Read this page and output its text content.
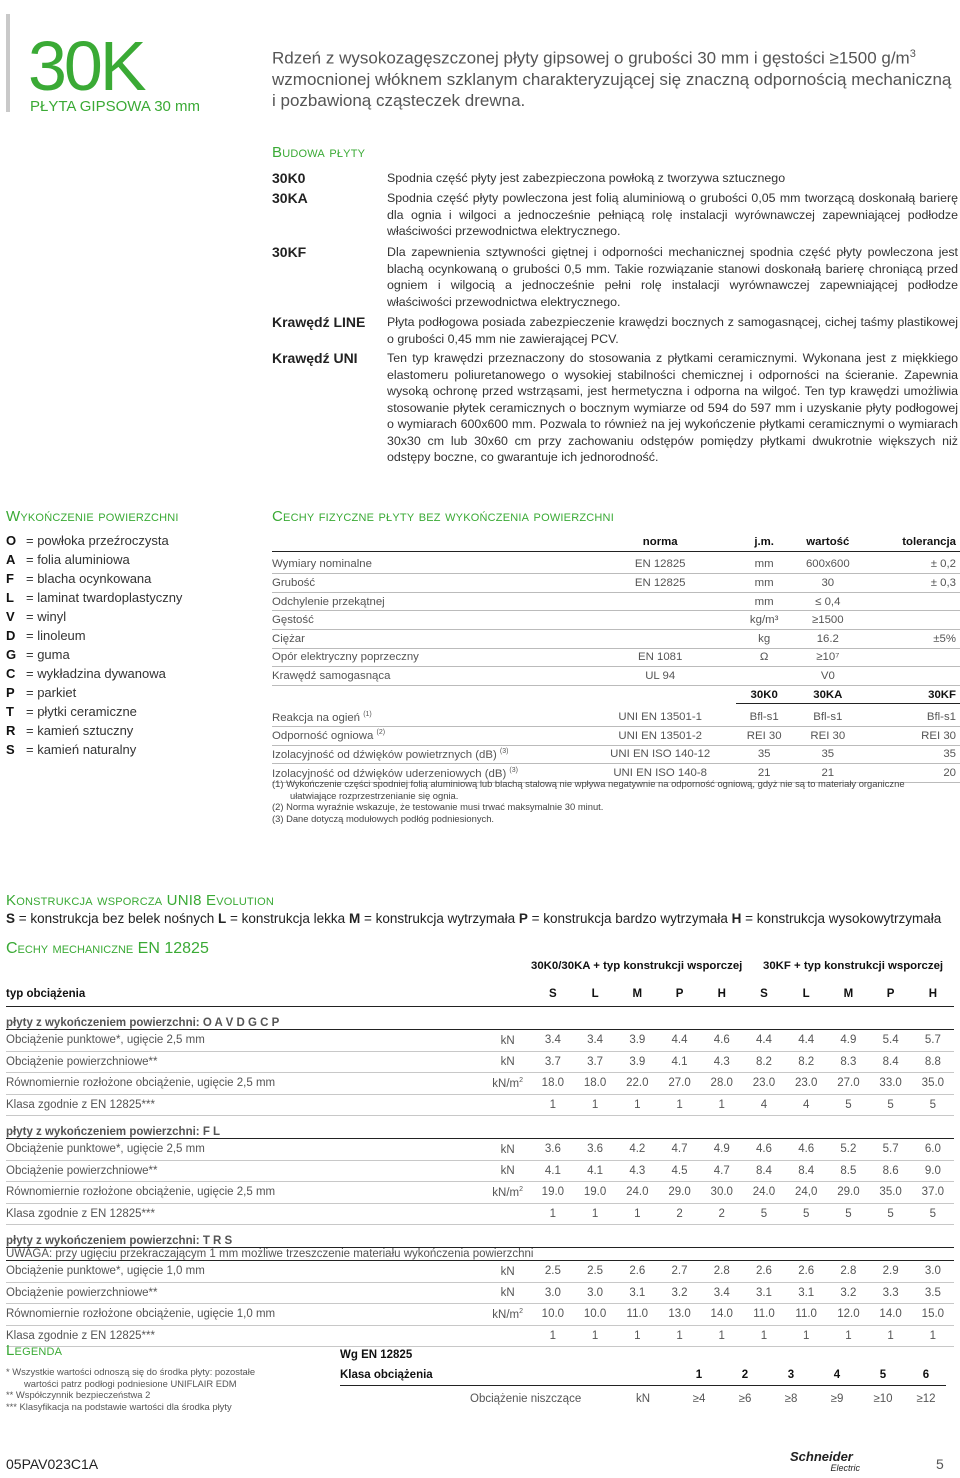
30K
PŁYTA GIPSOWA 30 mm
Rdzeń z wysokozagęszczonej płyty gipsowej o grubości 30 mm i gęstości ≥1500 $g/m^3$ wzmocnionej włóknem szklanym charakteryzującej się znaczną odpornością mechaniczną i pozbawioną cząsteczek drewna.
Budowa płyty
30K0	Spodnia część płyty jest zabezpieczona powłoką z tworzywa sztucznego
30KA	Spodnia część płyty powleczona jest folią aluminiową o grubości 0,05 mm tworzącą doskonałą barierę dla ognia i wilgoci a jednocześnie pełniącą rolę instalacji wyrównawczej zapewniającej podłodze właściwości przewodnictwa elektrycznego.
30KF	Dla zapewnienia sztywności giętnej i odporności mechanicznej spodnia część płyty powleczona jest blachą ocynkowaną o grubości 0,5 mm. Takie rozwiązanie stanowi doskonałą barierę chroniącą przed ogniem i wilgocią a jednocześnie pełni rolę instalacji wyrównawczej zapewniającej podłodze właściwości przewodnictwa elektrycznego.
Krawędź LINE Płyta podłogowa posiada zabezpieczenie krawędzi bocznych z samogasnącej, cichej taśmy plastikowej o grubości 0,45 mm nie zawierającej PCV.
Krawędź UNI Ten typ krawędzi przeznaczony do stosowania z płytkami ceramicznymi. Wykonana jest z miękkiego elastomeru poliuretanowego o wysokiej stabilności chemicznej i odporności na ścieranie. Zapewnia wysoką ochronę przed wstrząsami, jest hermetyczna i odporna na wilgoć. Ten typ krawędzi umożliwia stosowanie płytek ceramicznych o bocznym wymiarze od 594 do 597 mm i uzyskanie płyty podłogowej o wymiarach 600x600 mm. Pozwala to również na jej wykończenie płytkami ceramicznymi o wymiarach 30x30 cm lub 30x60 cm przy zachowaniu odstępów pomiędzy płytkami dwukrotnie większych niż odstępy boczne, co gwarantuje ich jednorodność.
Wykończenie powierzchni
O = powłoka przeźroczysta
A = folia aluminiowa
F = blacha ocynkowana
L = laminat twardoplastyczny
V = winyl
D = linoleum
G = guma
C = wykładzina dywanowa
P = parkiet
T = płytki ceramiczne
R = kamień sztuczny
S = kamień naturalny
Cechy fizyczne płyty bez wykończenia powierzchni
	norma	j.m.	wartość	tolerancja

Wymiary nominalne	EN 12825	mm	600x600	± 0,2
Grubość	EN 12825	mm	30	± 0,3
Odchylenie przekątnej		mm	≤ 0,4	
Gęstość		kg/m³	≥1500	
Ciężar		kg	16.2	±5%
Opór elektryczny poprzeczny	EN 1081	Ω	≥10⁷	
Krawędź samogasnąca	UL 94		V0	
		30K0	30KA	30KF

Reakcja na ogień $^{(1)}$	UNI EN 13501-1	Bfl-s1	Bfl-s1	Bfl-s1
Odporność ogniowa $^{(2)}$	UNI EN 13501-2	REI 30	REI 30	REI 30
Izolacyjność od dźwięków powietrznych (dB) $^{(3)}$	UNI EN ISO 140-12	35	35	35
Izolacyjność od dźwięków uderzeniowych (dB) $^{(3)}$	UNI EN ISO 140-8	21	21	20
(1) Wykończenie części spodniej folią aluminiową lub blachą stalową nie wpływa negatywnie na odporność ogniową, gdyż nie są to materiały organiczne ułatwiające rozprzestrzenianie się ognia.
(2) Norma wyraźnie wskazuje, że testowanie musi trwać maksymalnie 30 minut.
(3) Dane dotyczą modułowych podłóg podniesionych.
Konstrukcja wsporcza UNI8 Evolution
S = konstrukcja bez belek nośnych L = konstrukcja lekka M = konstrukcja wytrzymała P = konstrukcja bardzo wytrzymała H = konstrukcja wysokowytrzymała
Cechy mechaniczne EN 12825
30K0/30KA + typ konstrukcji wsporczej 30KF + typ konstrukcji wsporczej
typ obciążenia		S	L	M	P	H	S	L	M	P	H
płyty z wykończeniem powierzchni: O A V D G C P											
Obciążenie punktowe*, ugięcie 2,5 mm	kN	3.4	3.4	3.9	4.4	4.6	4.4	4.4	4.9	5.4	5.7
Obciążenie powierzchniowe**	kN	3.7	3.7	3.9	4.1	4.3	8.2	8.2	8.3	8.4	8.8
Równomiernie rozłożone obciążenie, ugięcie 2,5 mm	$kN/m^2$	18.0	18.0	22.0	27.0	28.0	23.0	23.0	27.0	33.0	35.0
Klasa zgodnie z EN 12825***		1	1	1	1	1	4	4	5	5	5
płyty z wykończeniem powierzchni: F L											
Obciążenie punktowe*, ugięcie 2,5 mm	kN	3.6	3.6	4.2	4.7	4.9	4.6	4.6	5.2	5.7	6.0
Obciążenie powierzchniowe**	kN	4.1	4.1	4.3	4.5	4.7	8.4	8.4	8.5	8.6	9.0
Równomiernie rozłożone obciążenie, ugięcie 2,5 mm	$kN/m^2$	19.0	19.0	24.0	29.0	30.0	24.0	24,0	29.0	35.0	37.0
Klasa zgodnie z EN 12825***		1	1	1	2	2	5	5	5	5	5
płyty z wykończeniem powierzchni: T R S											
UWAGA: przy ugięciu przekraczającym 1 mm możliwe trzeszczenie materiału wykończenia powierzchni											
Obciążenie punktowe*, ugięcie 1,0 mm	kN	2.5	2.5	2.6	2.7	2.8	2.6	2.6	2.8	2.9	3.0
Obciążenie powierzchniowe**	kN	3.0	3.0	3.1	3.2	3.4	3.1	3.1	3.2	3.3	3.5
Równomiernie rozłożone obciążenie, ugięcie 1,0 mm	$kN/m^2$	10.0	10.0	11.0	13.0	14.0	11.0	11.0	12.0	14.0	15.0
Klasa zgodnie z EN 12825***		1	1	1	1	1	1	1	1	1	1
Legenda
* Wszystkie wartości odnoszą się do środka płyty: pozostałe wartości patrz podłogi podniesione UNIFLAIR EDM
** Współczynnik bezpieczeństwa 2
*** Klasyfikacja na podstawie wartości dla środka płyty
Wg EN 12825								
Klasa obciążenia			1	2	3	4	5	6
	Obciążenie niszczące	kN	≥4	≥6	≥8	≥9	≥10	≥12
05PAV023C1A	Schneider
Electric	5
